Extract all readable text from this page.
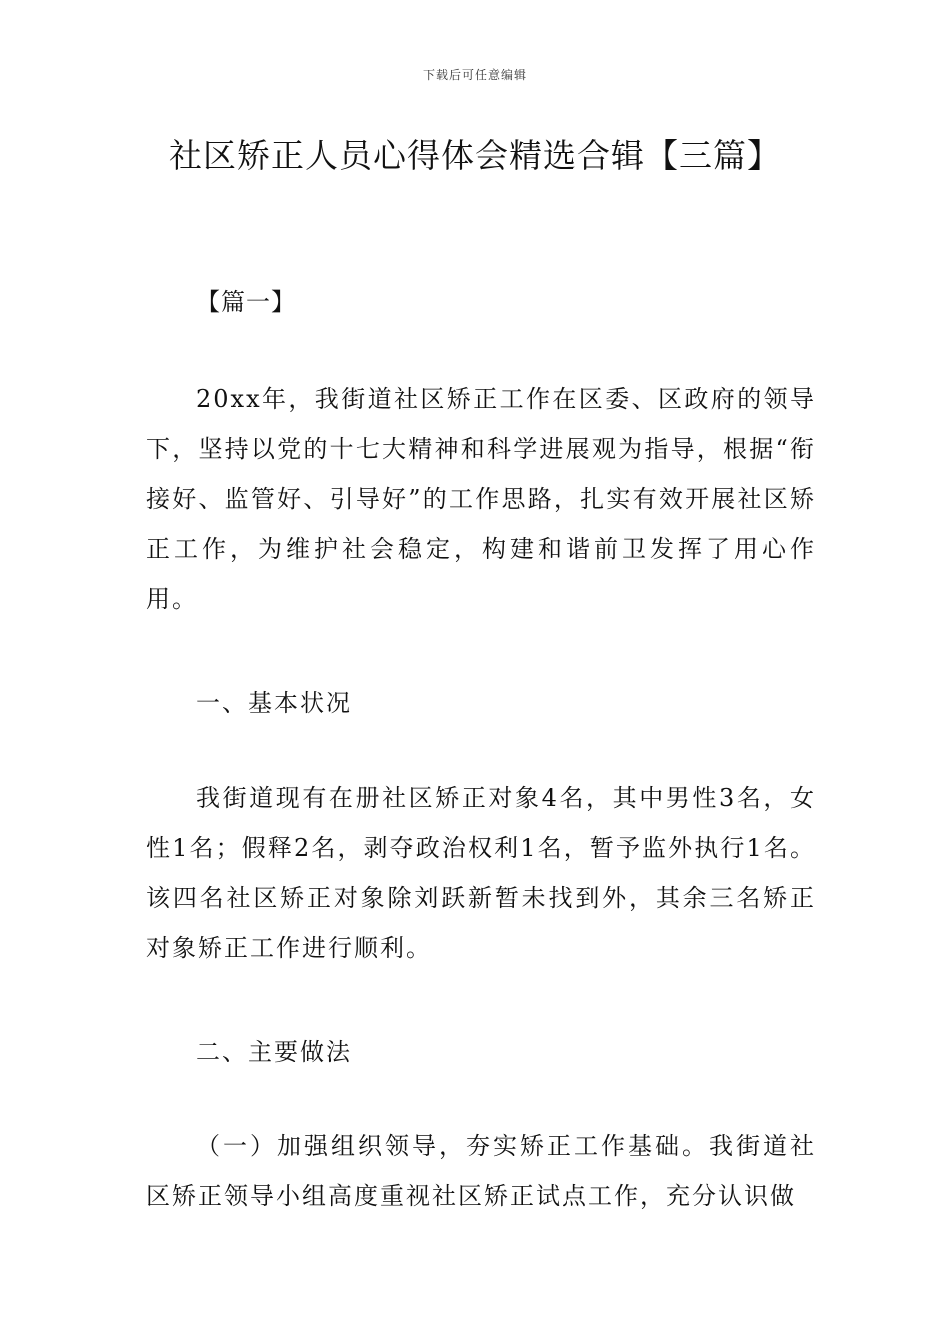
下载后可任意编辑
社区矫正人员心得体会精选合辑【三篇】
【篇一】

20xx年，我街道社区矫正工作在区委、区政府的领导下，坚持以党的十七大精神和科学进展观为指导，根据“衔接好、监管好、引导好”的工作思路，扎实有效开展社区矫正工作，为维护社会稳定，构建和谐前卫发挥了用心作用。

一、基本状况

我街道现有在册社区矫正对象4名，其中男性3名，女性1名；假释2名，剥夺政治权利1名，暂予监外执行1名。该四名社区矫正对象除刘跃新暂未找到外，其余三名矫正对象矫正工作进行顺利。

二、主要做法

（一）加强组织领导，夯实矫正工作基础。我街道社区矫正领导小组高度重视社区矫正试点工作，充分认识做
